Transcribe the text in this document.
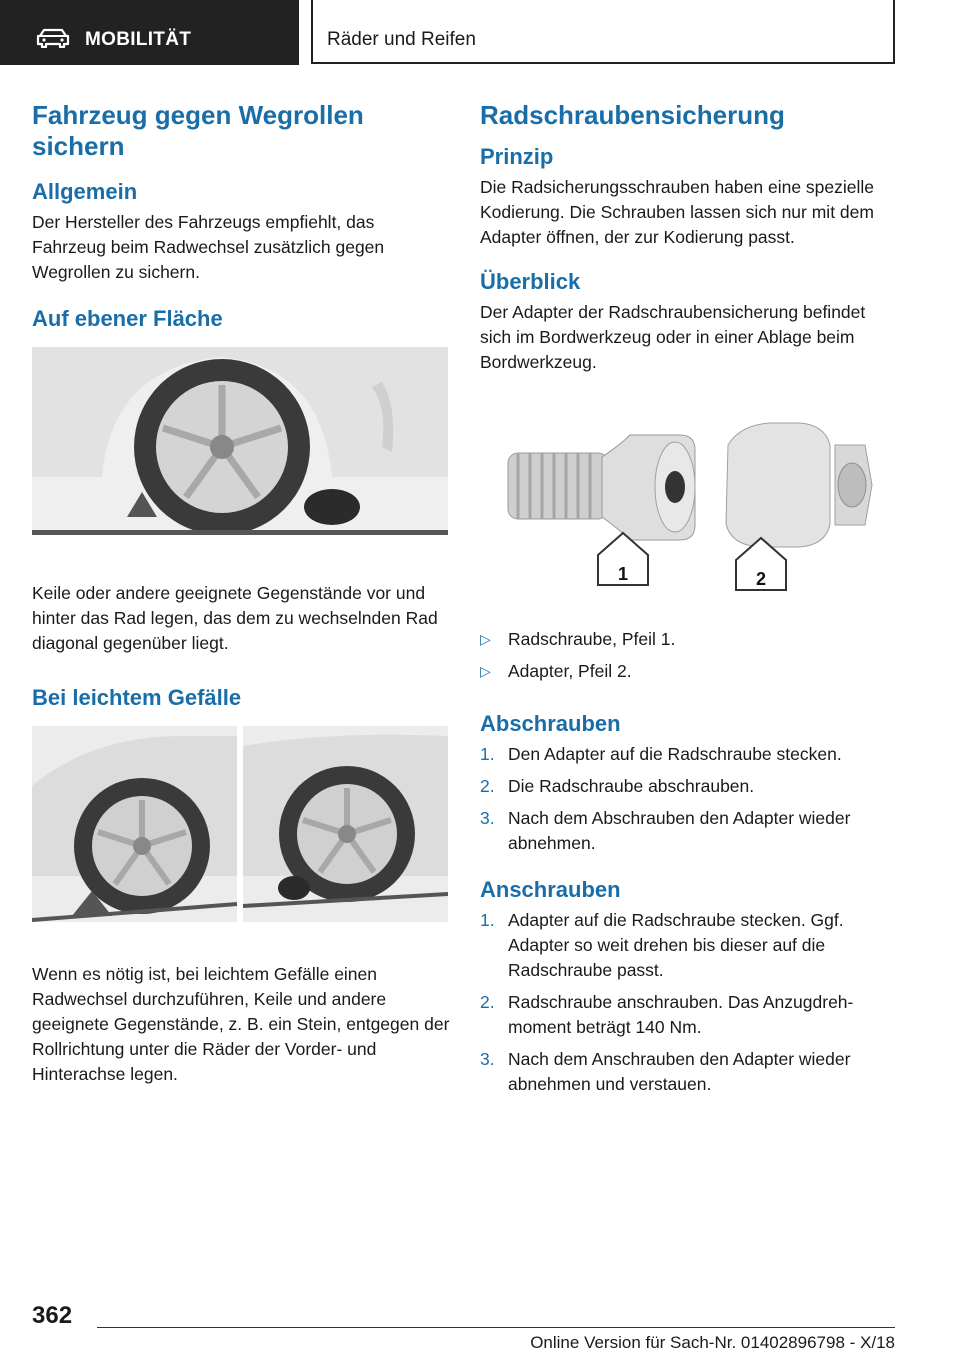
MOBILITÄT	Räder und Reifen
Fahrzeug gegen Wegrollen sichern
Allgemein

Der Hersteller des Fahrzeugs empfiehlt, das Fahrzeug beim Radwechsel zusätzlich gegen Wegrollen zu sichern.

Auf ebener Fläche

Keile oder andere geeignete Gegenstände vor und hinter das Rad legen, das dem zu wechselnden Rad diagonal gegenüber liegt.

Bei leichtem Gefälle

Wenn es nötig ist, bei leichtem Gefälle einen Radwechsel durchzuführen, Keile und andere geeignete Gegenstände, z. B. ein Stein, entgegen der Rollrichtung unter die Räder der Vorder- und Hinterachse legen.

Radschraubensicherung
Prinzip

Die Radsicherungsschrauben haben eine spezielle Kodierung. Die Schrauben lassen sich nur mit dem Adapter öffnen, der zur Kodierung passt.

Überblick

Der Adapter der Radschraubensicherung befindet sich im Bordwerkzeug oder in einer Ablage beim Bordwerkzeug.

1	2
▷ Radschraube, Pfeil 1.
▷ Adapter, Pfeil 2.
Abschrauben
1. Den Adapter auf die Radschraube stecken.
2. Die Radschraube abschrauben.
3. Nach dem Abschrauben den Adapter wieder abnehmen.
Anschrauben
1. Adapter auf die Radschraube stecken. Ggf. Adapter so weit drehen bis dieser auf die Radschraube passt.
2. Radschraube anschrauben. Das Anzugdrehmoment beträgt 140 Nm.
3. Nach dem Anschrauben den Adapter wieder abnehmen und verstauen.
362
Online Version für Sach-Nr. 01402896798 - X/18
